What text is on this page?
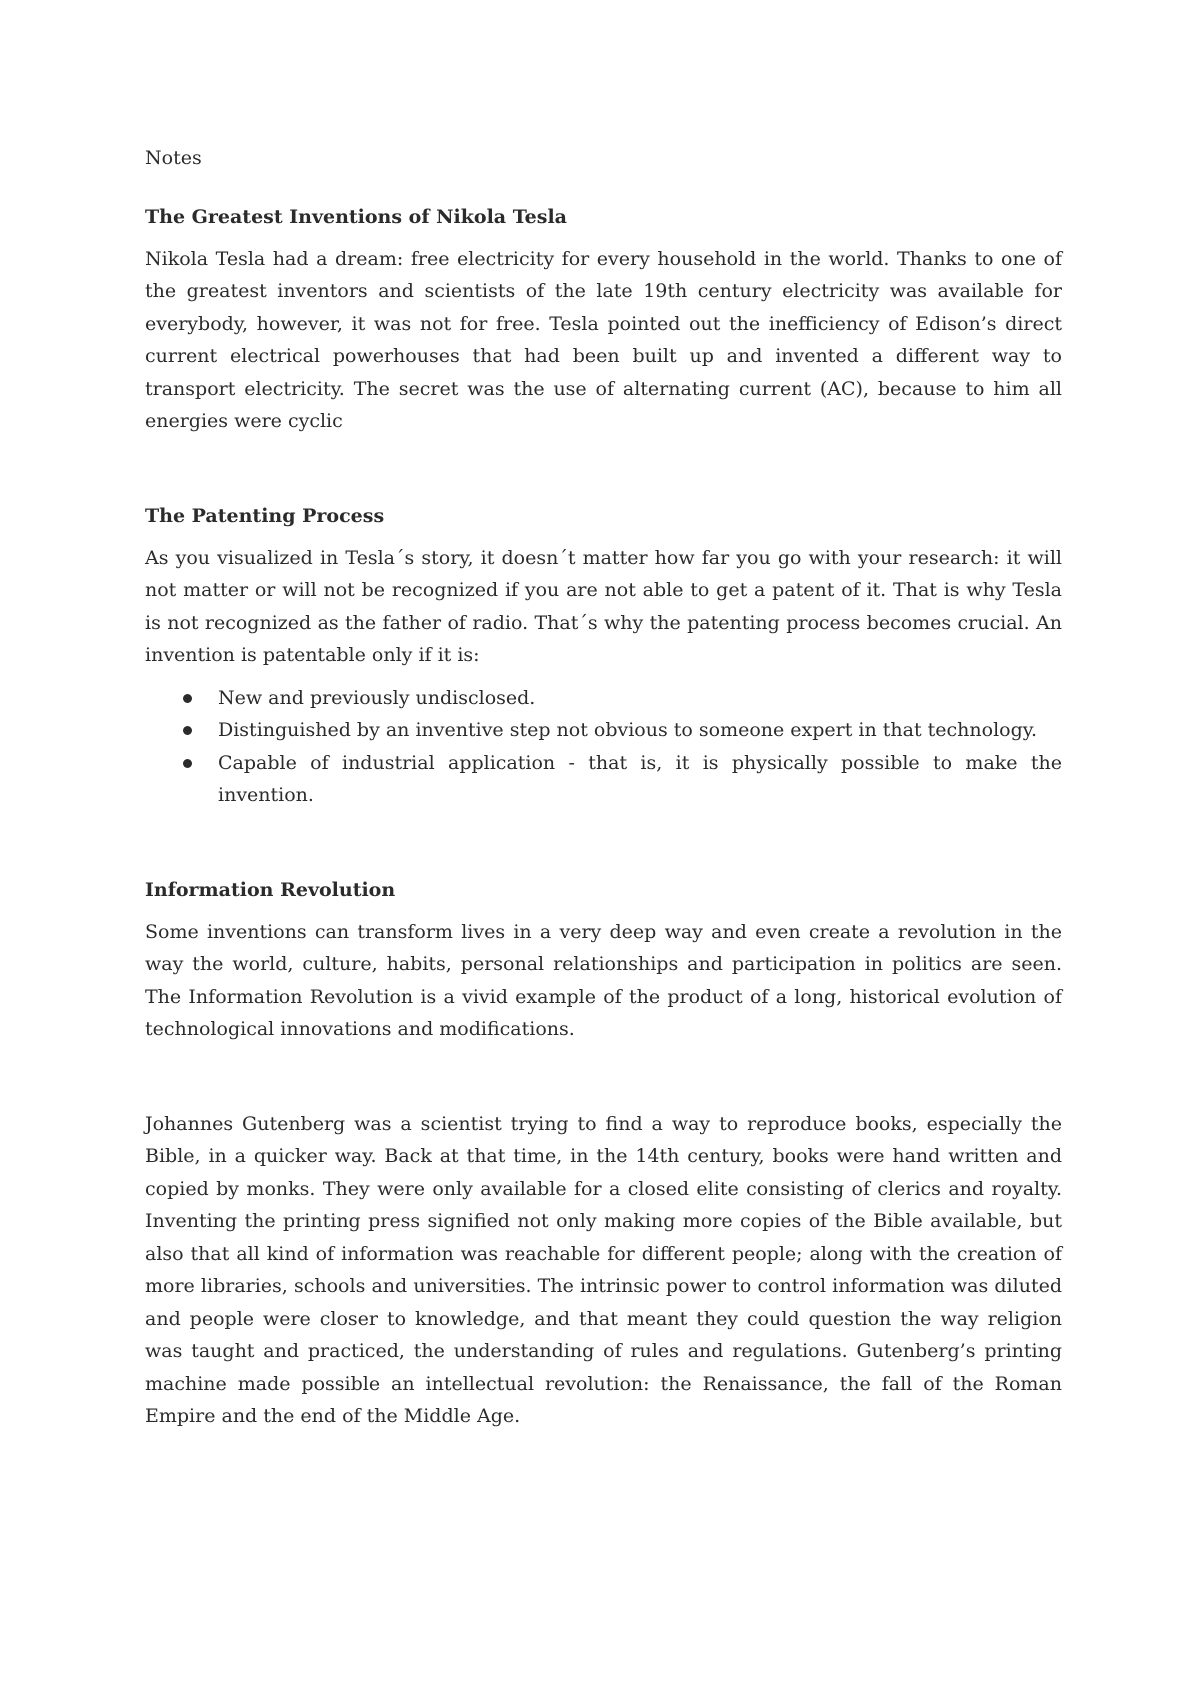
Notes

The Greatest Inventions of Nikola Tesla

Nikola Tesla had a dream: free electricity for every household in the world. Thanks to one of the greatest inventors and scientists of the late 19th century electricity was available for everybody, however, it was not for free. Tesla pointed out the inefficiency of Edison’s direct current electrical powerhouses that had been built up and invented a different way to transport electricity. The secret was the use of alternating current (AC), because to him all energies were cyclic

The Patenting Process

As you visualized in Tesla´s story, it doesn´t matter how far you go with your research: it will not matter or will not be recognized if you are not able to get a patent of it. That is why Tesla is not recognized as the father of radio. That´s why the patenting process becomes crucial. An invention is patentable only if it is:

New and previously undisclosed.
Distinguished by an inventive step not obvious to someone expert in that technology.
Capable of industrial application - that is, it is physically possible to make the invention.
Information Revolution

Some inventions can transform lives in a very deep way and even create a revolution in the way the world, culture, habits, personal relationships and participation in politics are seen. The Information Revolution is a vivid example of the product of a long, historical evolution of technological innovations and modifications.

Johannes Gutenberg was a scientist trying to find a way to reproduce books, especially the Bible, in a quicker way. Back at that time, in the 14th century, books were hand written and copied by monks. They were only available for a closed elite consisting of clerics and royalty. Inventing the printing press signified not only making more copies of the Bible available, but also that all kind of information was reachable for different people; along with the creation of more libraries, schools and universities. The intrinsic power to control information was diluted and people were closer to knowledge, and that meant they could question the way religion was taught and practiced, the understanding of rules and regulations. Gutenberg’s printing machine made possible an intellectual revolution: the Renaissance, the fall of the Roman Empire and the end of the Middle Age.
